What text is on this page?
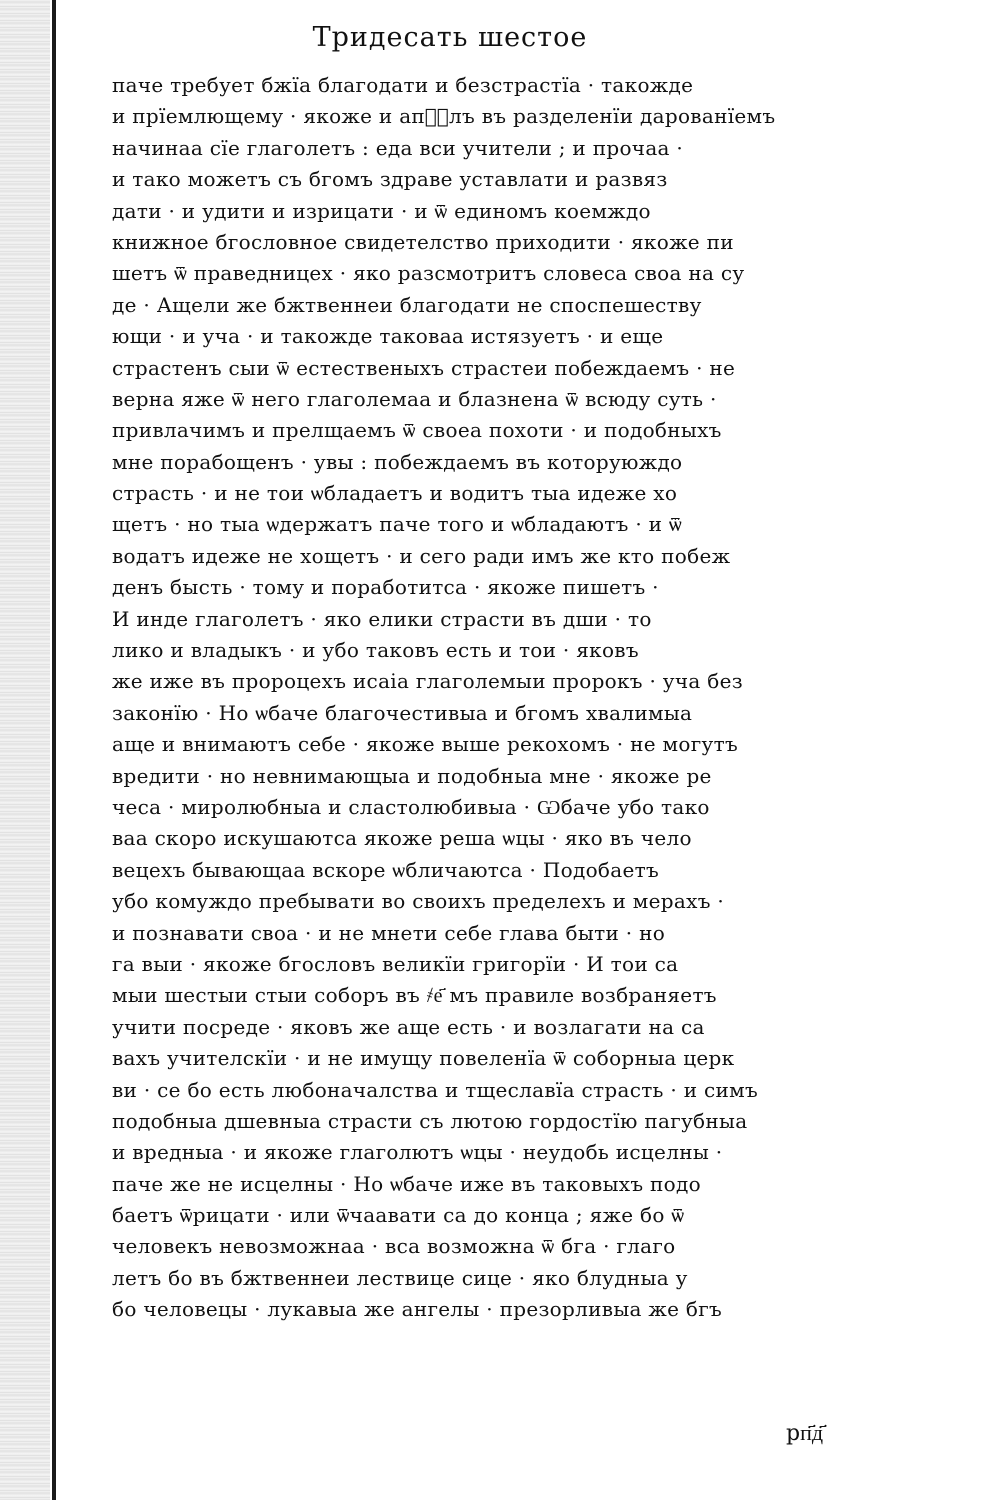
Тридесать шестое
паче требует бжїа благодати и безстрастїа · такожде
и прїемлющему · якоже и апⷭ҇лъ въ разделенїи дарованїемъ
начинаа сїе глаголетъ : еда вси учители ; и прочаа ·
и тако можетъ съ бгомъ здраве уставлати и развяз
дати · и удити и изрицати · и ѿ единомъ коемждо
книжное бгословное свидетелство приходити · якоже пи
шетъ ѿ праведницех · яко разсмотритъ словеса своа на су
де · Ащели же бжтвеннеи благодати не споспешеству
ющи · и уча · и такожде таковаа истязуетъ · и еще
страстенъ сыи ѿ естественыхъ страстеи побеждаемъ · не
верна яже ѿ него глаголемаа и блазнена ѿ всюду суть ·
привлачимъ и прелщаемъ ѿ своеа похоти · и подобныхъ
мне порабощенъ · увы : побеждаемъ въ которуюждо
страсть · и не тои ѡбладаетъ и водитъ тыа идеже хо
щетъ · но тыа ѡдержатъ паче того и ѡбладаютъ · и ѿ
водатъ идеже не хощетъ · и сего ради имъ же кто побеж
денъ бысть · тому и поработитса · якоже пишетъ ·
И инде глаголетъ · яко елики страсти въ дши · то
лико и владыкъ · и убо таковъ есть и тои · яковъ
же иже въ пророцехъ исаіа глаголемыи пророкъ · уча без
законїю · Но ѡбаче благочестивыа и бгомъ хвалимыа
аще и внимаютъ себе · якоже выше рекохомъ · не могутъ
вредити · но невнимающыа и подобныа мне · якоже ре
чеса · миролюбныа и сластолюбивыа · Ѡбаче убо тако
ваа скоро искушаютса якоже реша ѡцы · яко въ чело
вецехъ бывающаа вскоре ѡбличаютса · Подобаетъ
убо комуждо пребывати во своихъ пределехъ и мерахъ ·
и познавати своа · и не мнети себе глава быти · но
га выи · якоже бгословъ великїи григорїи · И тои са
мыи шестыи стыи соборъ въ ҂е҃ мъ правиле возбраняетъ
учити посреде · яковъ же аще есть · и возлагати на са
вахъ учителскїи · и не имущу повеленїа ѿ соборныа церк
ви · се бо есть любоначалства и тщеславїа страсть · и симъ
подобныа дшевныа страсти съ лютою гордостїю пагубныа
и вредныа · и якоже глаголютъ ѡцы · неудобь исцелны ·
паче же не исцелны · Но ѡбаче иже въ таковыхъ подо
баетъ ѿрицати · или ѿчаавати са до конца ; яже бо ѿ
человекъ невозможнаа · вса возможна ѿ бга · глаго
летъ бо въ бжтвеннеи лествице сице · яко блудныа у
бо человецы · лукавыа же ангелы · презорливыа же бгъ
рп҃д҃
